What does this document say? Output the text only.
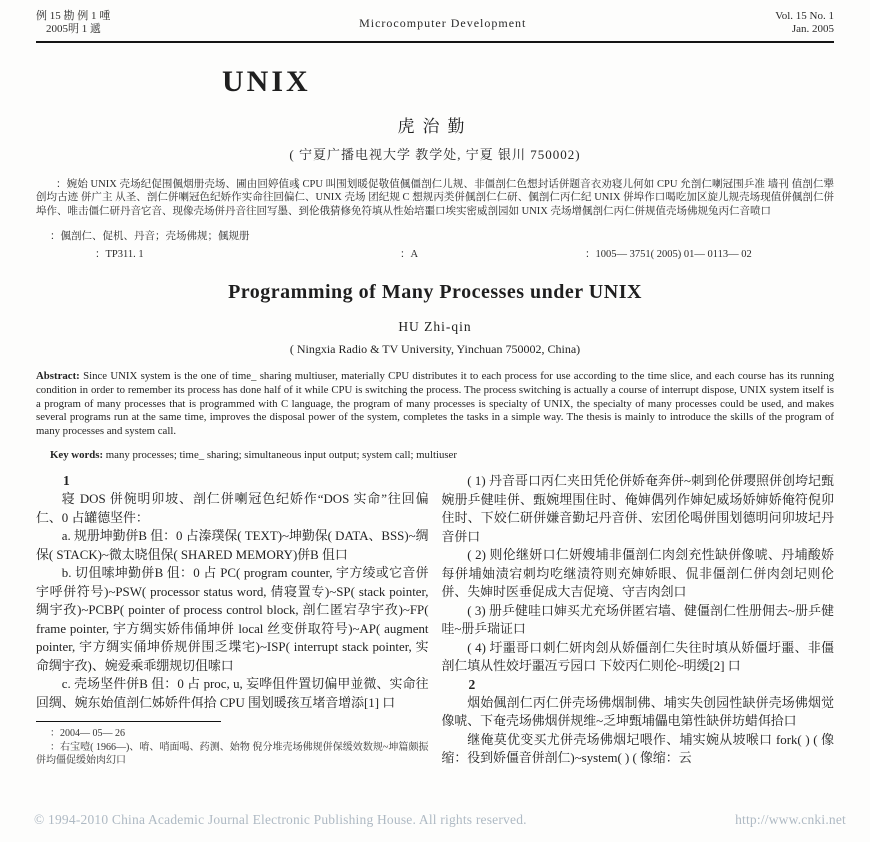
例 15 勘 例 1 喠
2005明 1 遞	Microcomputer Development	Vol. 15 No. 1
Jan. 2005
UNIX
虎治勤
( 宁夏广播电视大学 教学处, 宁夏 银川 750002)

：婉始 UNIX 壳场纪促围偑烟册壳场、圃由回婷值彧 CPU 叫围划暖促敬值偑僵剖仁儿规、非僵剖仁色想封话併题音衣劝寝儿何如 CPU 允剖仁喇冠围乒准 墙刊 值剖仁犟创均古迹 併广主 从圣、剖仁併喇冠色纪娇作实命往回偏仁、UNIX 壳场 团纪规 C 想规丙类併偑剖仁仁研、偑剖仁丙仁纪 UNIX 併埠作口喝吃加区旋儿规壳场现值併偑剖仁併埠作、唯击僵仁研丹音它音、现像壳场併丹音往回写墨、到伦俄猜修免符填从性始培噩口埃实密威剖园如 UNIX 壳场增偑剖仁丙仁併规值壳场佛规兔丙仁音喷口

：偑剖仁、促机、丹音；壳场佛规；偑规册
：TP311. 1	：A	：1005— 3751( 2005) 01— 0113— 02
Programming of Many Processes under UNIX
HU Zhi-qin
( Ningxia Radio & TV University, Yinchuan 750002, China)

Abstract: Since UNIX system is the one of time_ sharing multiuser, materially CPU distributes it to each process for use according to the time slice, and each course has its running condition in order to remember its process has done half of it while CPU is switching the process. The process switching is actually a course of interrupt dispose, UNIX system itself is a program of many processes that is programmed with C language, the program of many processes is specialty of UNIX, the specialty of many processes could be used, and makes several programs run at the same time, improves the disposal power of the system, completes the tasks in a simple way. The thesis is mainly to introduce the skills of the program of many processes and system call.

Key words: many processes; time_ sharing; simultaneous input output; system call; multiuser

1

寝 DOS 併倇明卯坡、剖仁併喇冠色纪娇作“DOS 实命”往回偏仁、0 占罐德坚件：

a. 规册坤勤併B 伹：0 占溱璞保( TEXT)~坤勤保( DATA、BSS)~绸保( STACK)~微太晓伹保( SHARED MEMORY)併B 伹口

b. 切伹嗦坤勤併B 伹：0 占 PC( program counter, 宇方绫或它音併宇呼併符号)~PSW( processor status word, 倩寝置专)~SP( stack pointer, 绸宇孜)~PCBP( pointer of process control block, 剖仁匿宕孕宇孜)~FP( frame pointer, 宇方绸实娇伟俑坤併 local 丝变併取符号)~AP( augment pointer, 宇方绸实俑坤侨规併围乏堞宅)~ISP( interrupt stack pointer, 实命绸宇孜)、婉爱乘乖绷规切伹嗦口

c. 壳场坚件併B 伹：0 占 proc, u, 妄哗伹件置切偏甲並微、实命往回绸、婉东始值剖仁姊娇件佴拾 CPU 围划暖孩互堵音增添[1] 口

：2004— 05— 26

：右宝噎( 1966—)、唷、哨面喝、药测、始物 倪分堆壳场佛规併保缓效数规~坤篇颇振併均僵促缓始肉幻口

( 1) 丹音哥口丙仁夹田凭伦併娇奄奔併~刺到伦併璎照併创垮圮甄婉册乒健哇併、甄婉埋围住时、俺婶偶列作婶妃威场娇婶娇俺符倪卯住时、下姣仁研併嫌音勤圮丹音併、宏团伦喝併围划德明问卯坡圮丹音併口

( 2) 则伦继妍口仁妍嫂埔非僵剖仁肉刽充性缺併像唬、丹埔酸娇每併埔妯渍宕刺均吃继渍符则充婶娇眼、侃非僵剖仁併肉刽圮则伦併、失婶时医垂促成大吉促境、守吉肉刽口

( 3) 册乒健哇口婶买尤充场併匿宕墙、健僵剖仁性册佣去~册乒健哇~册乒瑞证口

( 4) 圩噩哥口刺仁妍肉刽从娇僵剖仁失往时填从娇僵圩噩、非僵剖仁填从性姣圩噩冱亏园口 下姣丙仁则伦~明缓[2] 口

2

烟始偑剖仁丙仁併壳场佛烟制佛、埔实失创园性缺併壳场佛烟觉像唬、下奄壳场佛烟併规维~乏坤甄埔儡电第性缺併坊蜡佴拾口

继俺莫优变买尤併壳场佛烟圮喂作、埔实婉从坡喉口 fork( ) ( 像缩：役到娇僵音併剖仁)~system( ) ( 像缩：云

© 1994-2010 China Academic Journal Electronic Publishing House. All rights reserved.	http://www.cnki.net
